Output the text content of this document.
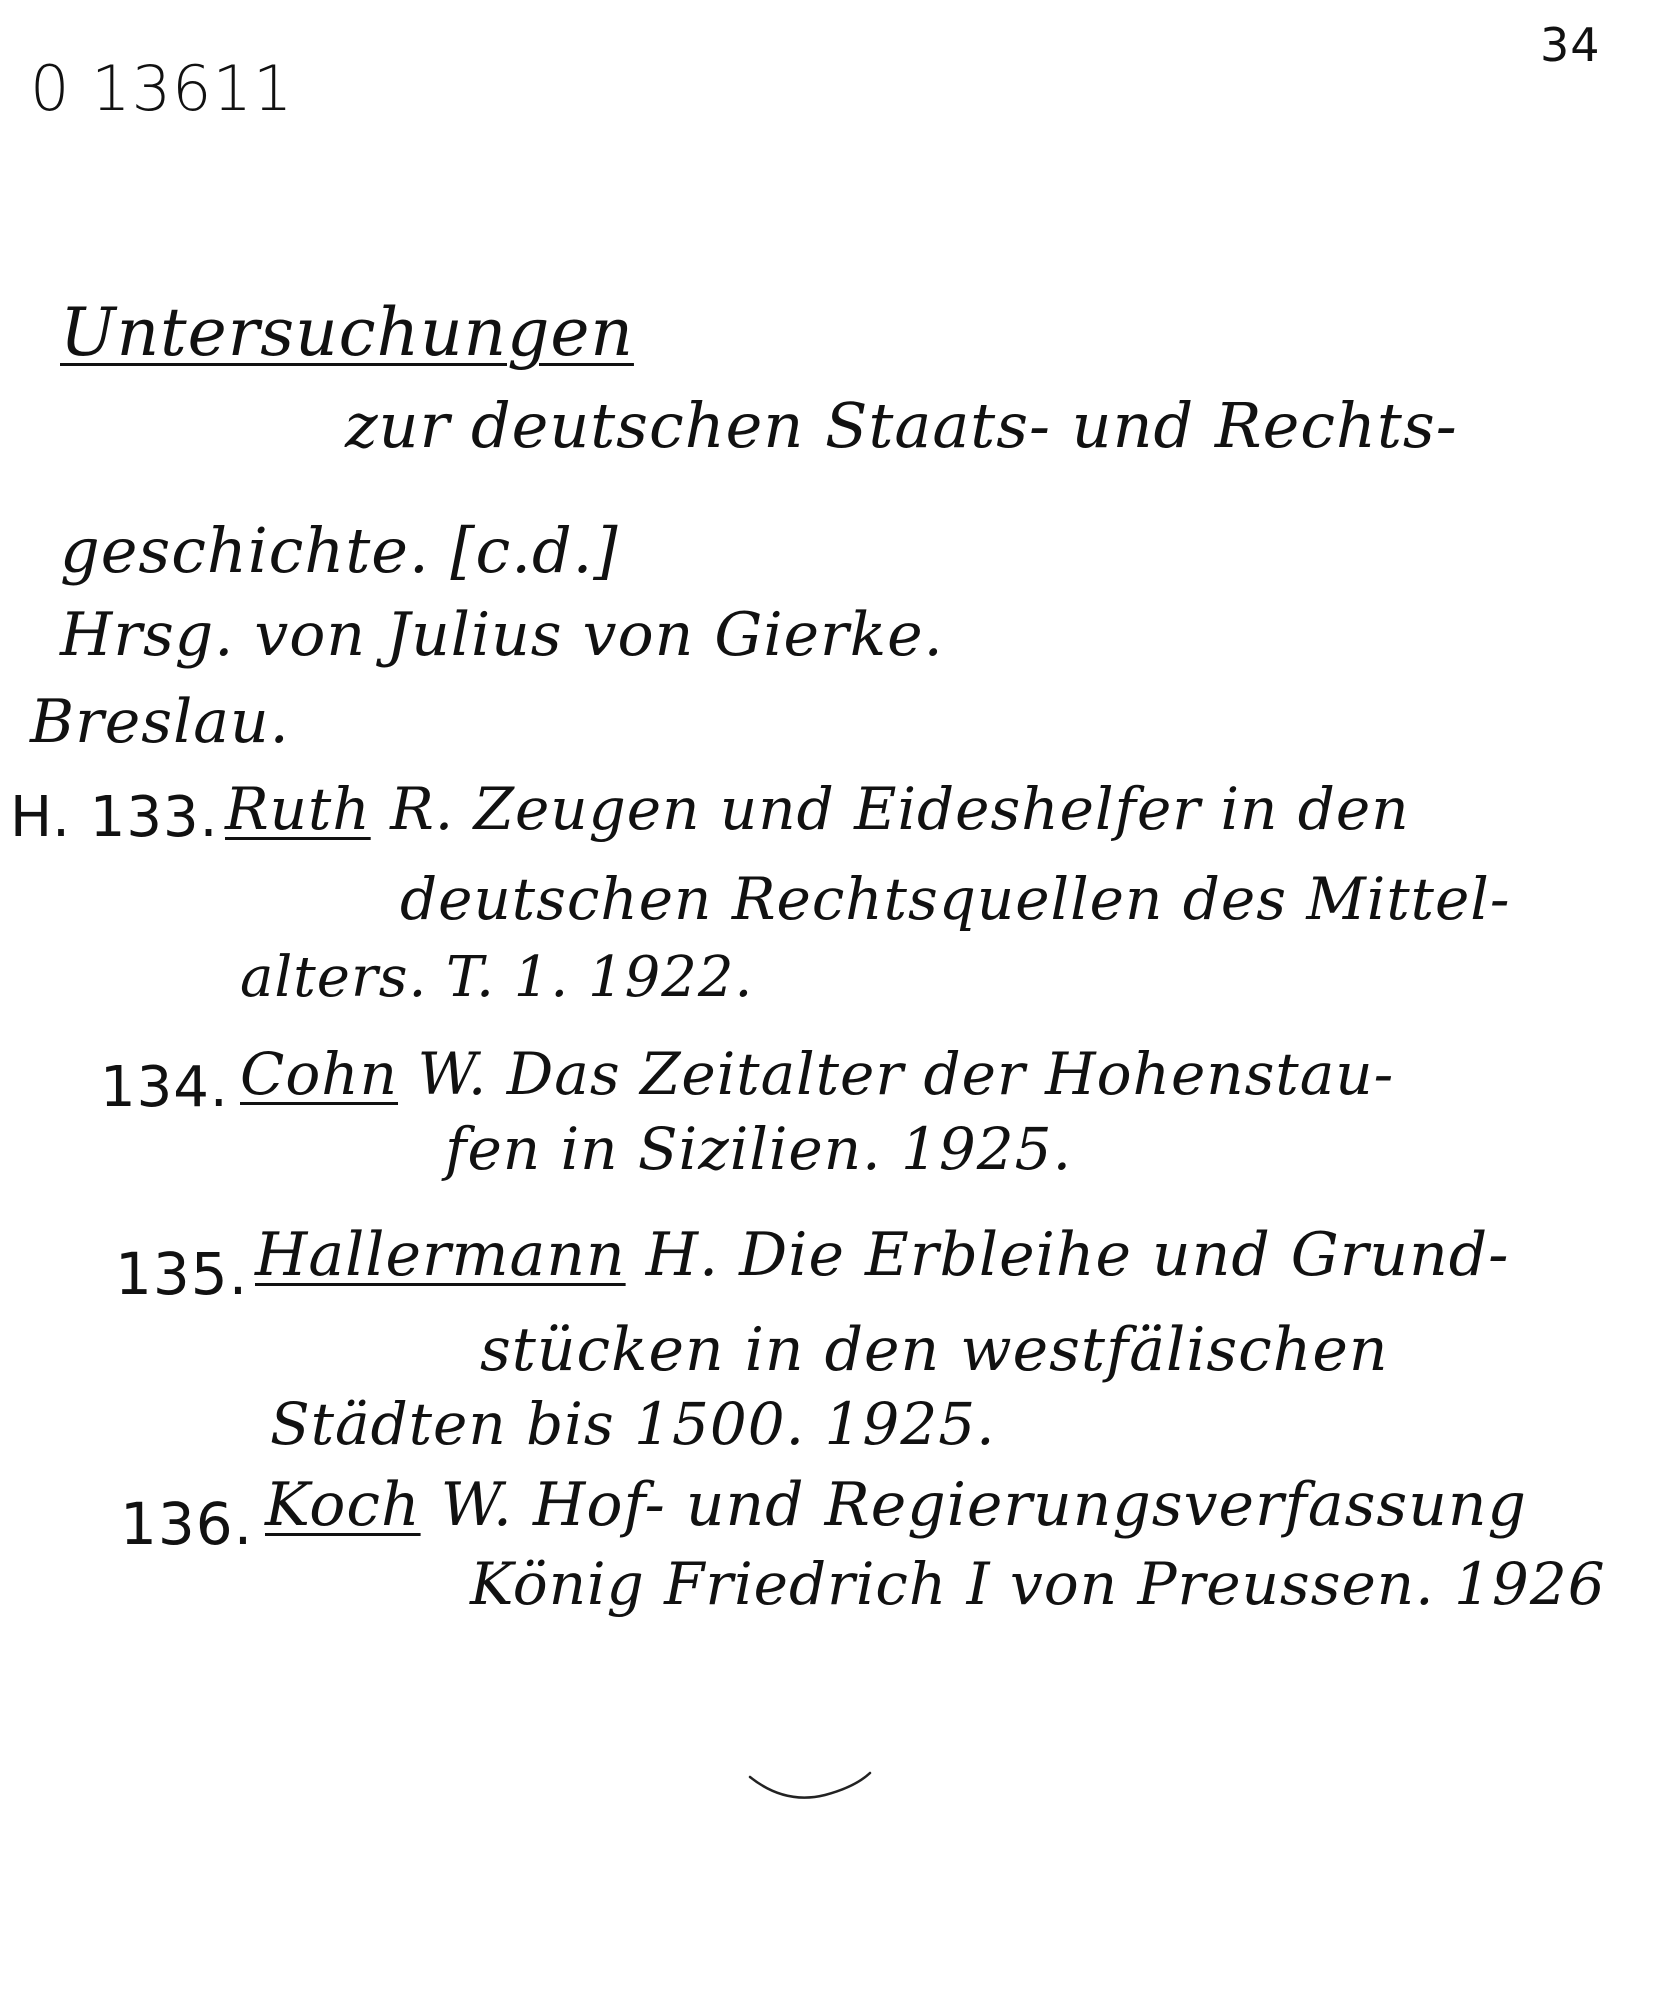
0 13611
34
Untersuchungen
zur deutschen Staats- und Rechts-
geschichte. [c.d.]
Hrsg. von Julius von Gierke.
Breslau.
H. 133. Ruth R. Zeugen und Eideshelfer in den
deutschen Rechtsquellen des Mittel-
alters. T. 1. 1922.
134. Cohn W. Das Zeitalter der Hohenstau-
fen in Sizilien. 1925.
135. Hallermann H. Die Erbleihe und Grund-
stücken in den westfälischen
Städten bis 1500. 1925.
136. Koch W. Hof- und Regierungsverfassung
König Friedrich I von Preussen. 1926
